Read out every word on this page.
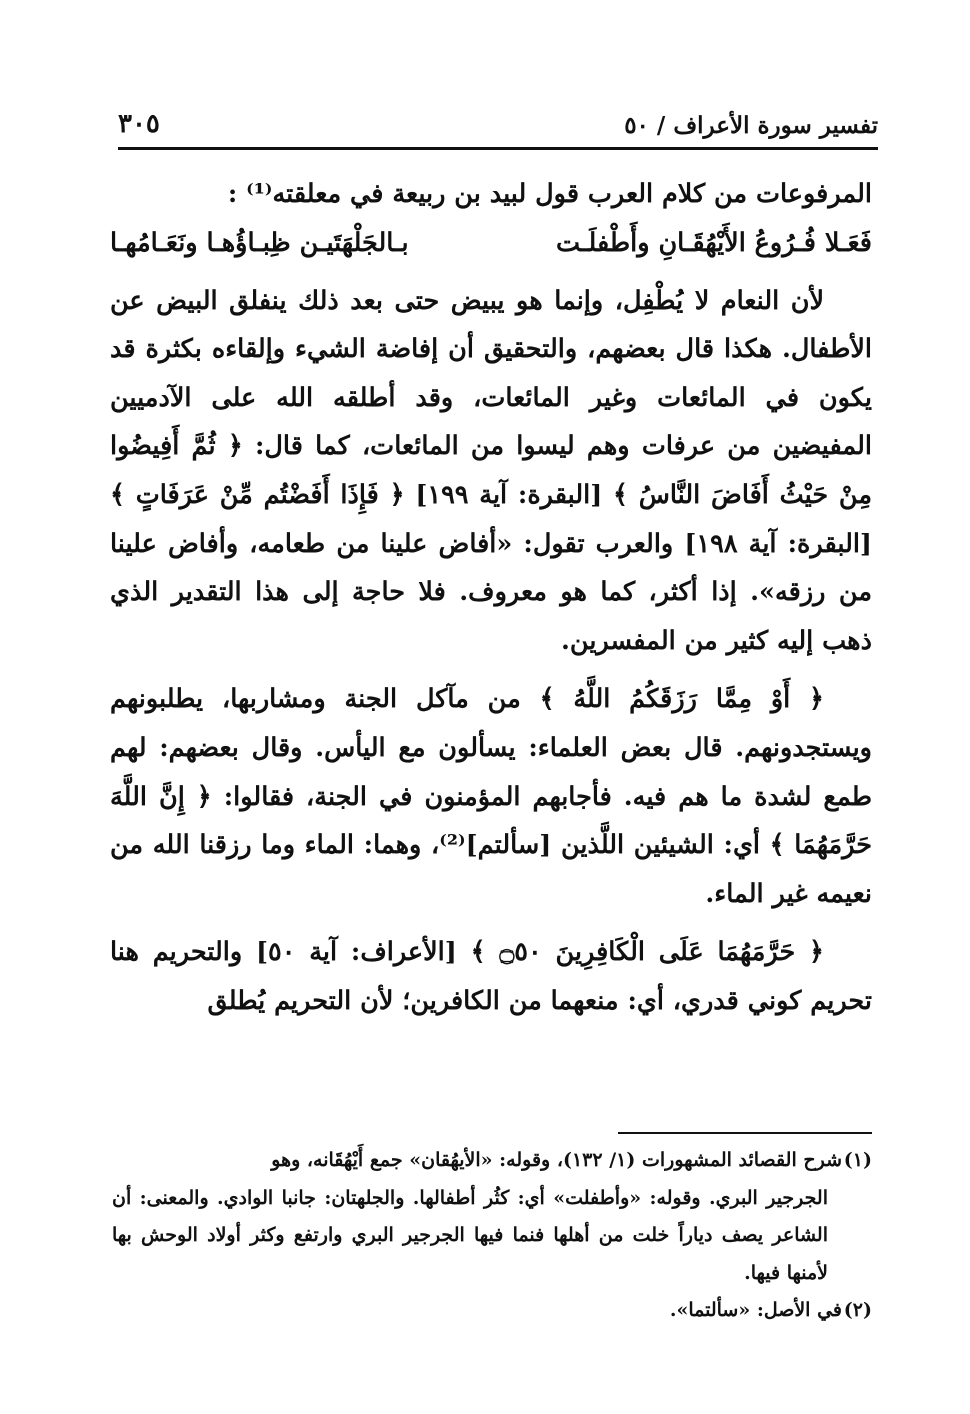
تفسير سورة الأعراف / ٥٠
٣٠٥

المرفوعات من كلام العرب قول لبيد بن ربيعة في معلقته⁽¹⁾ :

فَعَـلا فُـرُوعُ الأَيْهُقَـانِ وأَطْفلَـت
بـالجَلْهَتَيـن ظِبـاؤُهـا ونَعَـامُهـا

لأن النعام لا يُطْفِل، وإنما هو يبيض حتى بعد ذلك ينفلق البيض عن الأطفال. هكذا قال بعضهم، والتحقيق أن إفاضة الشيء وإلقاءه بكثرة قد يكون في المائعات وغير المائعات، وقد أطلقه الله على الآدميين المفيضين من عرفات وهم ليسوا من المائعات، كما قال: ﴿ ثُمَّ أَفِيضُوا مِنْ حَيْثُ أَفَاضَ النَّاسُ ﴾ [البقرة: آية ١٩٩] ﴿ فَإِذَا أَفَضْتُم مِّنْ عَرَفَاتٍ ﴾ [البقرة: آية ١٩٨] والعرب تقول: «أفاض علينا من طعامه، وأفاض علينا من رزقه». إذا أكثر، كما هو معروف. فلا حاجة إلى هذا التقدير الذي ذهب إليه كثير من المفسرين.

﴿ أَوْ مِمَّا رَزَقَكُمُ اللَّهُ ﴾ من مآكل الجنة ومشاربها، يطلبونهم ويستجدونهم. قال بعض العلماء: يسألون مع اليأس. وقال بعضهم: لهم طمع لشدة ما هم فيه. فأجابهم المؤمنون في الجنة، فقالوا: ﴿ إِنَّ اللَّهَ حَرَّمَهُمَا ﴾ أي: الشيئين اللَّذين [سألتم]⁽²⁾، وهما: الماء وما رزقنا الله من نعيمه غير الماء.

﴿ حَرَّمَهُمَا عَلَى الْكَافِرِينَ ۝٥٠ ﴾ [الأعراف: آية ٥٠] والتحريم هنا تحريم كوني قدري، أي: منعهما من الكافرين؛ لأن التحريم يُطلق

(١)
شرح القصائد المشهورات (١/ ١٣٢)، وقوله: «الأيهُقان» جمع أَيْهُقَانه، وهو

الجرجير البري. وقوله: «وأطفلت» أي: كثُر أطفالها. والجلهتان: جانبا الوادي. والمعنى: أن الشاعر يصف دياراً خلت من أهلها فنما فيها الجرجير البري وارتفع وكثر أولاد الوحش بها لأمنها فيها.

(٢)
في الأصل: «سألتما».
